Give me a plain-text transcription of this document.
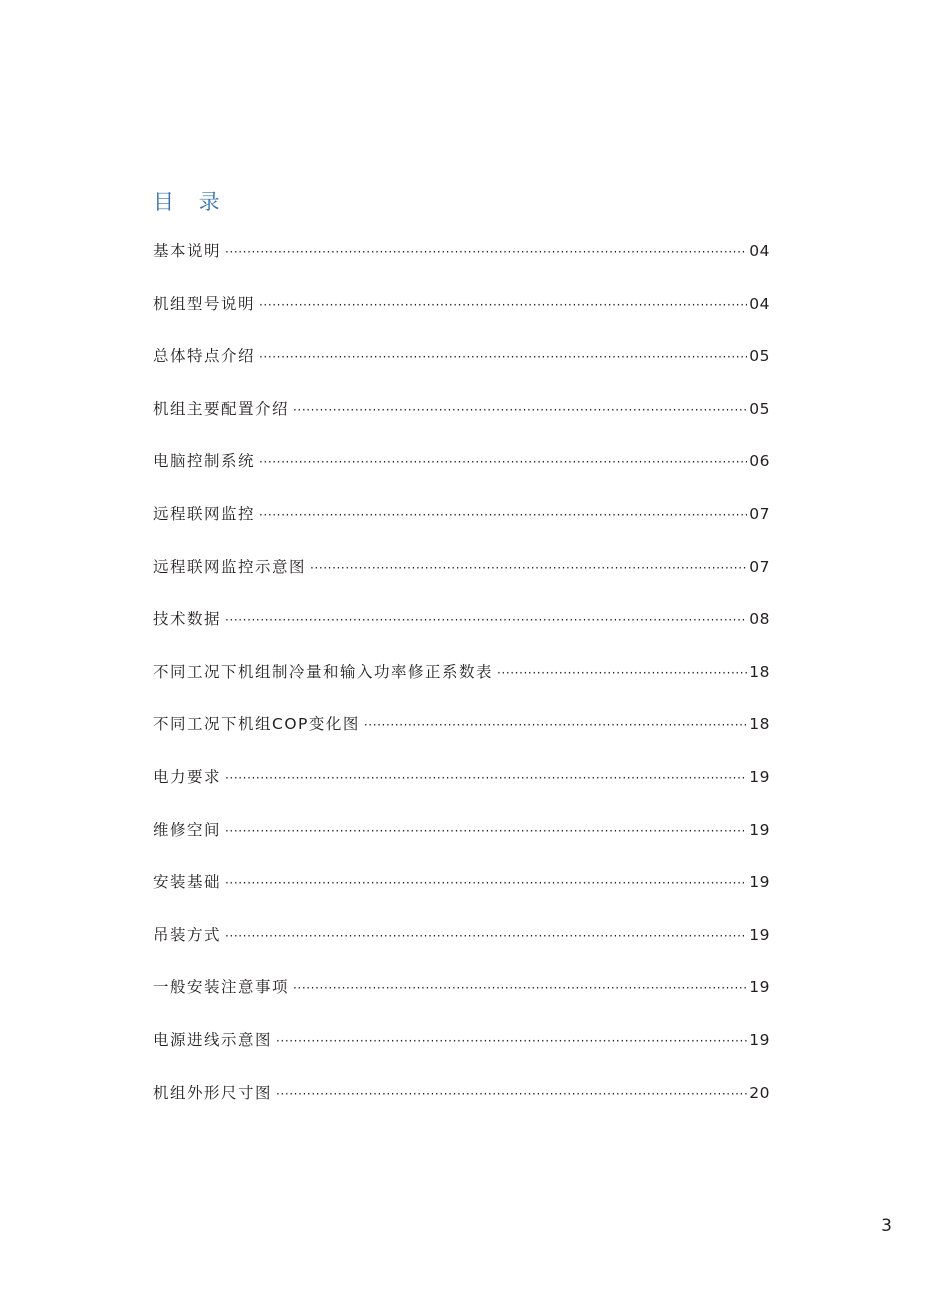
目 录
基本说明 ·····	04
机组型号说明 ·····	04
总体特点介绍 ·····	05
机组主要配置介绍 ·····	05
电脑控制系统 ·····	06
远程联网监控 ·····	07
远程联网监控示意图 ·····	07
技术数据 ·····	08
不同工况下机组制冷量和输入功率修正系数表 ·····	18
不同工况下机组COP变化图 ·····	18
电力要求 ·····	19
维修空间 ·····	19
安装基础 ·····	19
吊装方式 ·····	19
一般安装注意事项 ·····	19
电源进线示意图 ·····	19
机组外形尺寸图 ·····	20
3
